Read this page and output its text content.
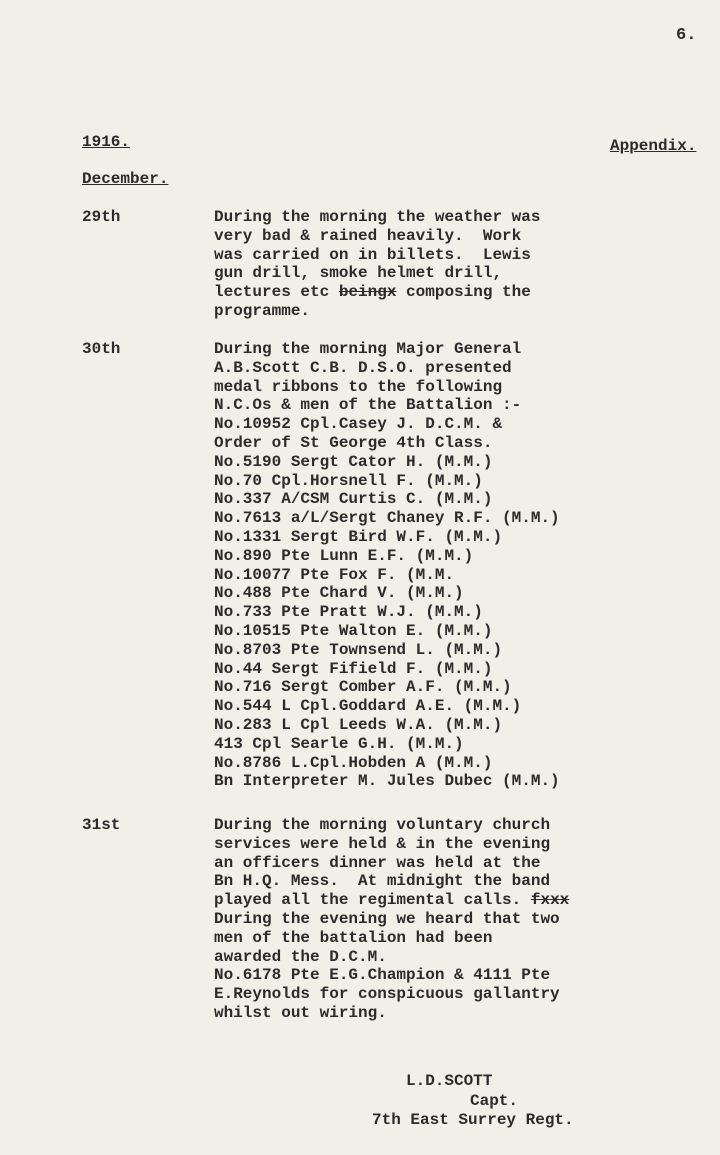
6.
1916.	Appendix.
December.
29th	During the morning the weather was
very bad & rained heavily.  Work
was carried on in billets.  Lewis
gun drill, smoke helmet drill,
lectures etc beingx composing the
programme.
30th	During the morning Major General
A.B.Scott C.B. D.S.O. presented
medal ribbons to the following
N.C.Os & men of the Battalion :-
No.10952 Cpl.Casey J. D.C.M. &
Order of St George 4th Class.
No.5190 Sergt Cator H. (M.M.)
No.70 Cpl.Horsnell F. (M.M.)
No.337 A/CSM Curtis C. (M.M.)
No.7613 a/L/Sergt Chaney R.F. (M.M.)
No.1331 Sergt Bird W.F. (M.M.)
No.890 Pte Lunn E.F. (M.M.)
No.10077 Pte Fox F. (M.M.
No.488 Pte Chard V. (M.M.)
No.733 Pte Pratt W.J. (M.M.)
No.10515 Pte Walton E. (M.M.)
No.8703 Pte Townsend L. (M.M.)
No.44 Sergt Fifield F. (M.M.)
No.716 Sergt Comber A.F. (M.M.)
No.544 L Cpl.Goddard A.E. (M.M.)
No.283 L Cpl Leeds W.A. (M.M.)
413 Cpl Searle G.H. (M.M.)
No.8786 L.Cpl.Hobden A (M.M.)
Bn Interpreter M. Jules Dubec (M.M.)
31st	During the morning voluntary church
services were held & in the evening
an officers dinner was held at the
Bn H.Q. Mess.  At midnight the band
played all the regimental calls. fxxx
During the evening we heard that two
men of the battalion had been
awarded the D.C.M.
No.6178 Pte E.G.Champion & 4111 Pte
E.Reynolds for conspicuous gallantry
whilst out wiring.
L.D.SCOTT
Capt.
7th East Surrey Regt.
